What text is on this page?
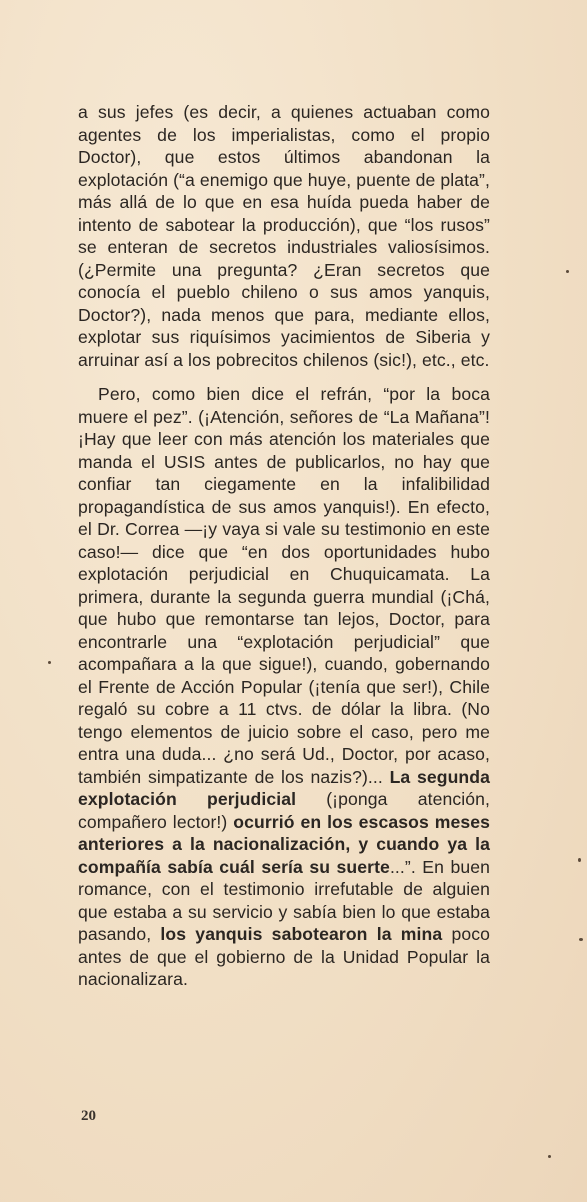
a sus jefes (es decir, a quienes actuaban como agentes de los imperialistas, como el propio Doctor), que estos últimos abandonan la explotación (“a enemigo que huye, puente de plata”, más allá de lo que en esa huída pueda haber de intento de sabotear la producción), que “los rusos” se enteran de secretos industriales valiosísimos. (¿Permite una pregunta? ¿Eran secretos que conocía el pueblo chileno o sus amos yanquis, Doctor?), nada menos que para, mediante ellos, explotar sus riquísimos yacimientos de Siberia y arruinar así a los pobrecitos chilenos (sic!), etc., etc.

Pero, como bien dice el refrán, “por la boca muere el pez”. (¡Atención, señores de “La Mañana”! ¡Hay que leer con más atención los materiales que manda el USIS antes de publicarlos, no hay que confiar tan ciegamente en la infalibilidad propagandística de sus amos yanquis!). En efecto, el Dr. Correa —¡y vaya si vale su testimonio en este caso!— dice que “en dos oportunidades hubo explotación perjudicial en Chuquicamata. La primera, durante la segunda guerra mundial (¡Chá, que hubo que remontarse tan lejos, Doctor, para encontrarle una “explotación perjudicial” que acompañara a la que sigue!), cuando, gobernando el Frente de Acción Popular (¡tenía que ser!), Chile regaló su cobre a 11 ctvs. de dólar la libra. (No tengo elementos de juicio sobre el caso, pero me entra una duda... ¿no será Ud., Doctor, por acaso, también simpatizante de los nazis?)... La segunda explotación perjudicial (¡ponga atención, compañero lector!) ocurrió en los escasos meses anteriores a la nacionalización, y cuando ya la compañía sabía cuál sería su suerte...”. En buen romance, con el testimonio irrefutable de alguien que estaba a su servicio y sabía bien lo que estaba pasando, los yanquis sabotearon la mina poco antes de que el gobierno de la Unidad Popular la nacionalizara.

20
